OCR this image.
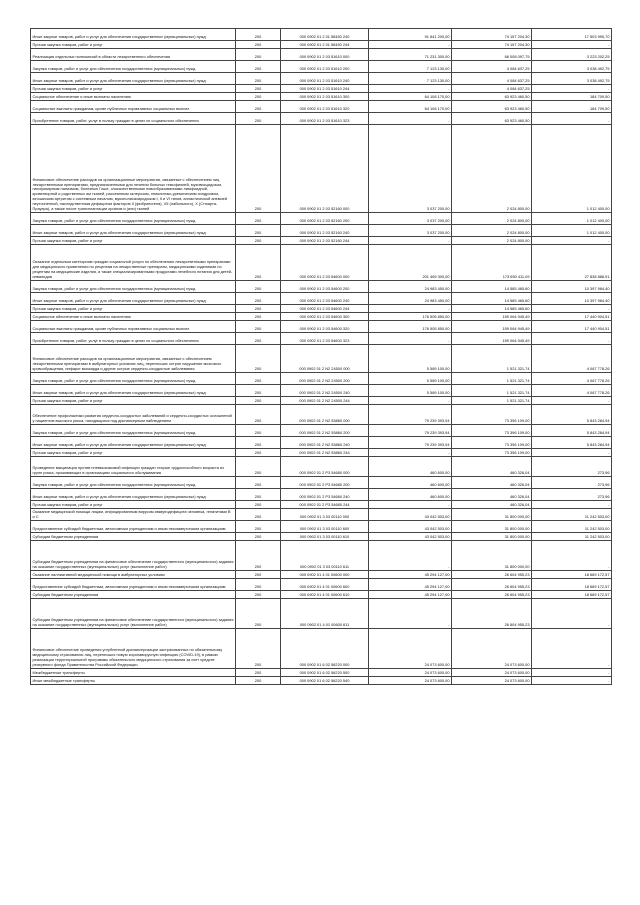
Иные закупки товаров, работ и услуг для обеспечения государственных (муниципальных) нужд	200	000 0902 01 2 01 58450 240	91 641 200,00	74 157 204,30	17 503 995,70
Прочая закупка товаров, работ и услуг	200	000 0902 01 2 01 58450 244	-	74 157 204,30	-
Реализация отдельных полномочий в области лекарственного обеспечения	200	000 0902 01 2 03 51610 000	71 231 300,00	68 008 097,75	3 223 202,25
Закупка товаров, работ и услуг для обеспечения государственных (муниципальных) нужд	200	000 0902 01 2 03 51610 200	7 123 130,00	4 084 637,25	3 038 492,75
Иные закупки товаров, работ и услуг для обеспечения государственных (муниципальных) нужд	200	000 0902 01 2 03 51610 240	7 123 130,00	4 084 637,25	3 038 492,75
Прочая закупка товаров, работ и услуг	200	000 0902 01 2 03 51610 244	-	4 084 637,25	-
Социальное обеспечение и иные выплаты населению	200	000 0902 01 2 03 51610 300	64 108 170,00	63 923 460,50	184 709,50
Социальные выплаты гражданам, кроме публичных нормативных социальных выплат	200	000 0902 01 2 03 51610 320	64 108 170,00	63 923 460,50	184 709,50
Приобретение товаров, работ, услуг в пользу граждан в целях их социального обеспечения	200	000 0902 01 2 03 51610 323	-	63 923 460,50	-
Финансовое обеспечение расходов на организационные мероприятия, связанные с обеспечением лиц лекарственными препаратами, предназначенными для лечения больных гемофилией, муковисцидозом, гипофизарным нанизмом, болезнью Гоше, злокачественными новообразованиями лимфоидной, кроветворной и родственных им тканей, рассеянным склерозом, гемолитико-уремическим синдромом, юношеским артритом с системным началом, мукополисахаридозом I, II и VI типов, апластической анемией неуточненной, наследственным дефицитом факторов II (фибриногена), VII (лабильного), X (Стюарта-Прауэра), а также после трансплантации органов и (или) тканей	200	000 0902 01 2 03 52160 000	3 037 200,00	2 024 800,00	1 012 400,00
Закупка товаров, работ и услуг для обеспечения государственных (муниципальных) нужд	200	000 0902 01 2 03 52160 200	3 037 200,00	2 024 800,00	1 012 400,00
Иные закупки товаров, работ и услуг для обеспечения государственных (муниципальных) нужд	200	000 0902 01 2 03 52160 240	3 037 200,00	2 024 800,00	1 012 400,00
Прочая закупка товаров, работ и услуг	200	000 0902 01 2 03 52160 244	-	2 024 800,00	-
Оказание отдельным категориям граждан социальной услуги по обеспечению лекарственными препаратами для медицинского применения по рецептам на лекарственные препараты, медицинскими изделиями по рецептам на медицинские изделия, а также специализированными продуктами лечебного питания для детей-инвалидов	200	000 0902 01 2 03 54600 000	201 469 300,00	173 650 411,09	27 838 888,91
Закупка товаров, работ и услуг для обеспечения государственных (муниципальных) нужд	200	000 0902 01 2 03 54600 200	24 983 450,00	14 585 465,60	10 397 984,40
Иные закупки товаров, работ и услуг для обеспечения государственных (муниципальных) нужд	200	000 0902 01 2 03 54600 240	24 983 450,00	14 585 465,60	10 397 984,40
Прочая закупка товаров, работ и услуг	200	000 0902 01 2 03 54600 244	-	14 585 465,60	-
Социальное обеспечение и иные выплаты населению	200	000 0902 01 2 03 54600 300	176 505 850,00	159 064 945,49	17 440 904,51
Социальные выплаты гражданам, кроме публичных нормативных социальных выплат	200	000 0902 01 2 03 54600 320	176 505 850,00	159 064 945,49	17 440 904,51
Приобретение товаров, работ, услуг в пользу граждан в целях их социального обеспечения	200	000 0902 01 2 03 54600 323	-	159 064 945,49	-
Финансовое обеспечение расходов на организационные мероприятия, связанные с обеспечением лекарственными препаратами в амбулаторных условиях лиц, перенесших острое нарушение мозгового кровообращения, инфаркт миокарда и другие острые сердечно-сосудистые заболевания	200	000 0902 01 2 N2 24500 000	5 589 100,00	1 521 321,74	4 067 778,26
Закупка товаров, работ и услуг для обеспечения государственных (муниципальных) нужд	200	000 0902 01 2 N2 24500 200	5 589 100,00	1 521 321,74	4 067 778,26
Иные закупки товаров, работ и услуг для обеспечения государственных (муниципальных) нужд	200	000 0902 01 2 N2 24500 240	5 589 100,00	1 521 321,74	4 067 778,26
Прочая закупка товаров, работ и услуг	200	000 0902 01 2 N2 24500 244	-	1 521 321,74	-
Обеспечение профилактики развития сердечно-сосудистых заболеваний и сердечно-сосудистых осложнений у пациентов высокого риска, находящихся под диспансерным наблюдением	200	000 0902 01 2 N2 55860 000	79 239 393,94	73 396 109,00	5 843 284,94
Закупка товаров, работ и услуг для обеспечения государственных (муниципальных) нужд	200	000 0902 01 2 N2 55860 200	79 239 393,94	73 396 109,00	5 843 284,94
Иные закупки товаров, работ и услуг для обеспечения государственных (муниципальных) нужд	200	000 0902 01 2 N2 55860 240	79 239 393,94	73 396 109,00	5 843 284,94
Прочая закупка товаров, работ и услуг	200	000 0902 01 2 N2 55860 244	-	73 396 109,00	-
Проведение вакцинации против пневмококковой инфекции граждан старше трудоспособного возраста из групп риска, проживающих в организациях социального обслуживания	200	000 0902 01 2 P3 54680 000	460 600,00	460 326,04	273,96
Закупка товаров, работ и услуг для обеспечения государственных (муниципальных) нужд	200	000 0902 01 2 P3 54680 200	460 600,00	460 326,04	273,96
Иные закупки товаров, работ и услуг для обеспечения государственных (муниципальных) нужд	200	000 0902 01 2 P3 54680 240	460 600,00	460 326,04	273,96
Прочая закупка товаров, работ и услуг	200	000 0902 01 2 P3 54680 244	-	460 326,04	-
Оказание медицинской помощи лицам, инфицированным вирусом иммунодефицита человека, гепатитами B и C	200	000 0902 01 3 03 00110 000	43 042 503,00	31 800 000,00	11 242 503,00
Предоставление субсидий бюджетным, автономным учреждениям и иным некоммерческим организациям	200	000 0902 01 3 03 00110 600	43 042 503,00	31 800 000,00	11 242 503,00
Субсидии бюджетным учреждениям	200	000 0902 01 3 03 00110 610	43 042 503,00	31 800 000,00	11 242 503,00
Субсидии бюджетным учреждениям на финансовое обеспечение государственного (муниципального) задания на оказание государственных (муниципальных) услуг (выполнение работ)	200	000 0902 01 3 03 00110 611	-	31 800 000,00	-
Оказание паллиативной медицинской помощи в амбулаторных условиях	200	000 0902 01 4 01 00600 000	45 294 127,00	26 604 955,23	18 689 172,57
Предоставление субсидий бюджетным, автономным учреждениям и иным некоммерческим организациям	200	000 0902 01 4 01 00600 600	45 294 127,00	26 604 955,23	18 689 172,57
Субсидии бюджетным учреждениям	200	000 0902 01 4 01 00600 610	45 294 127,00	26 604 955,23	18 689 172,57
Субсидии бюджетным учреждениям на финансовое обеспечение государственного (муниципального) задания на оказание государственных (муниципальных) услуг (выполнение работ)	200	000 0902 01 4 01 00600 611	-	26 604 955,23	-
Финансовое обеспечение проведения углубленной диспансеризации застрахованных по обязательному медицинскому страхованию лиц, перенесших новую коронавирусную инфекцию (COVID-19), в рамках реализации территориальной программы обязательного медицинского страхования за счет средств резервного фонда Правительства Российской Федерации	200	000 0902 01 6 02 56220 000	24 073 600,00	24 073 600,00	-
Межбюджетные трансферты	200	000 0902 01 6 02 56220 500	24 073 600,00	24 073 600,00	-
Иные межбюджетные трансферты	200	000 0902 01 6 02 56220 540	24 073 600,00	24 073 600,00	-
